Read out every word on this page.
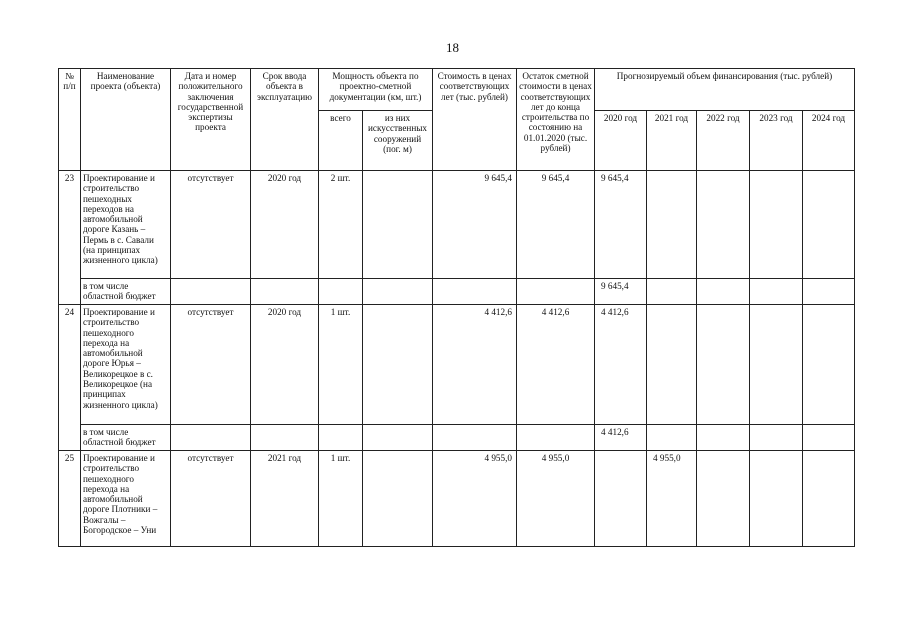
18
№ п/п	Наименование проекта (объекта)	Дата и номер положительного заключения государственной экспертизы проекта	Срок ввода объекта в эксплуатацию	Мощность объекта по проектно-сметной документации (км, шт.)		Стоимость в ценах соответствующих лет (тыс. рублей)	Остаток сметной стоимости в ценах соответствующих лет до конца строительства по состоянию на 01.01.2020 (тыс. рублей)	Прогнозируемый объем финансирования (тыс. рублей)				
				всего	из них искусственных сооружений (пог. м)			2020 год	2021 год	2022 год	2023 год	2024 год
23	Проектирование и строительство пешеходных переходов на автомобильной дороге Казань – Пермь в с. Савали (на принципах жизненного цикла)	отсутствует	2020 год	2 шт.		9 645,4	9 645,4	9 645,4				
	в том числе областной бюджет							9 645,4				
24	Проектирование и строительство пешеходного перехода на автомобильной дороге Юрья – Великорецкое в с. Великорецкое (на принципах жизненного цикла)	отсутствует	2020 год	1 шт.		4 412,6	4 412,6	4 412,6				
	в том числе областной бюджет							4 412,6				
25	Проектирование и строительство пешеходного перехода на автомобильной дороге Плотники – Вожгалы – Богородское – Уни	отсутствует	2021 год	1 шт.		4 955,0	4 955,0		4 955,0			
